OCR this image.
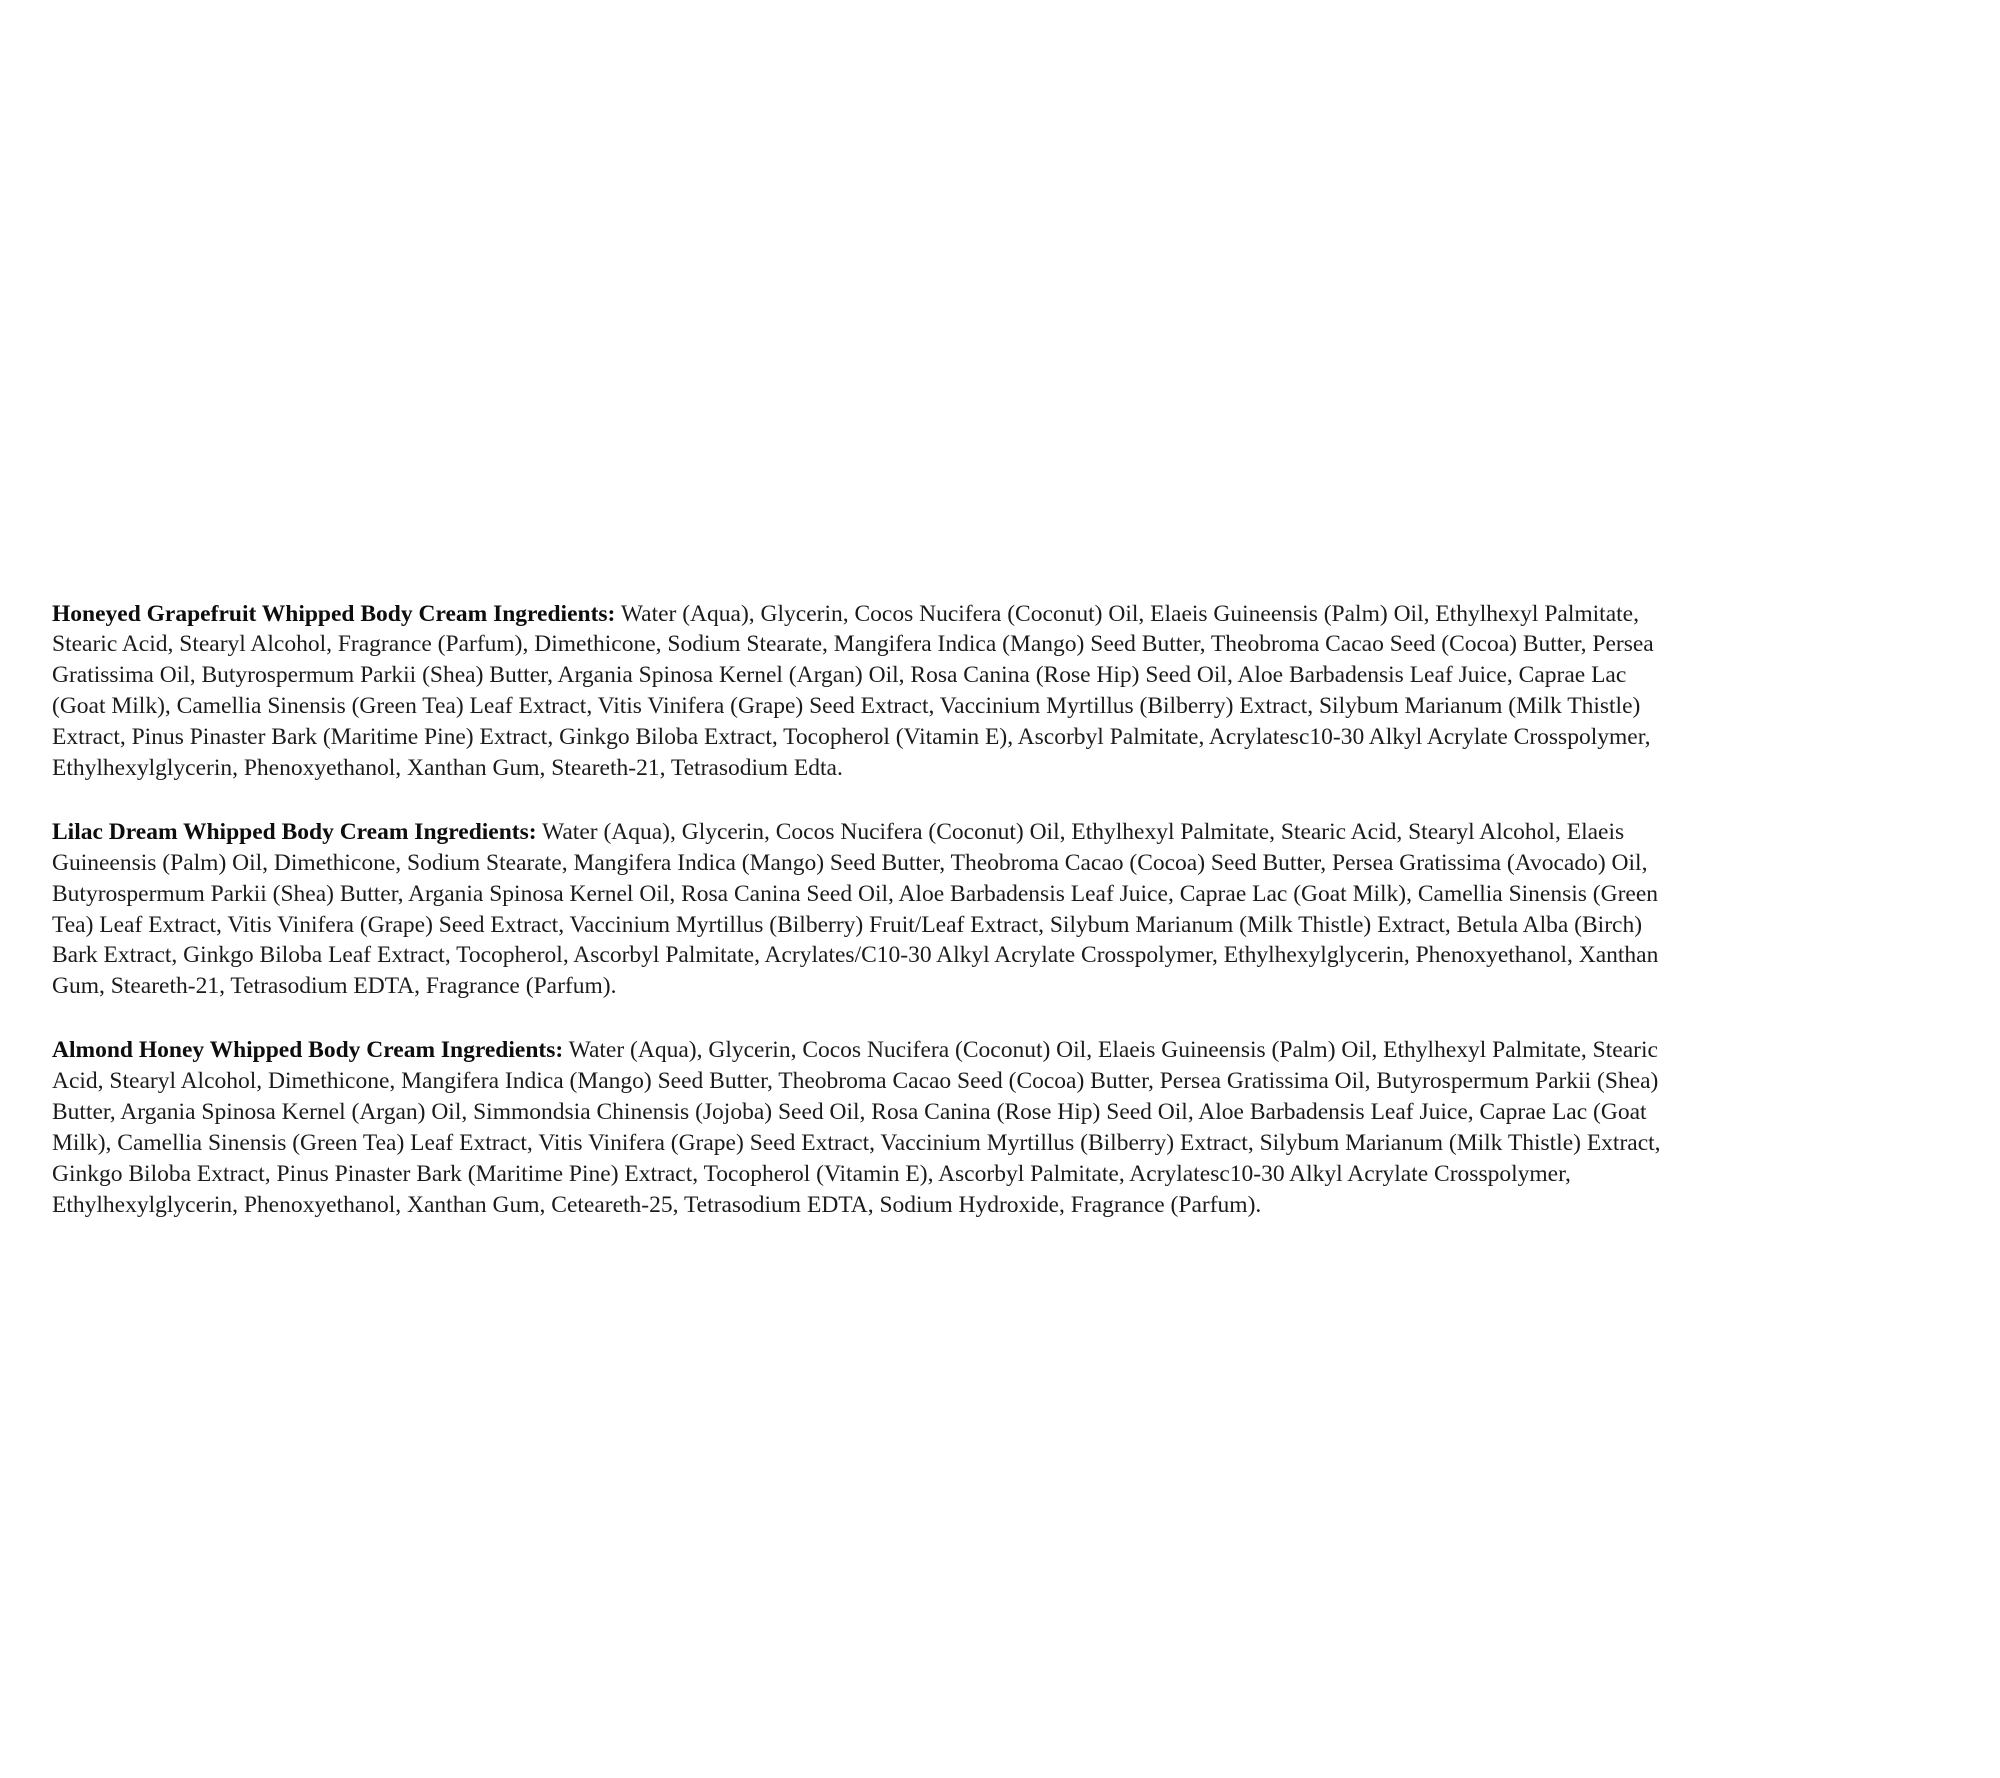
Honeyed Grapefruit Whipped Body Cream Ingredients: Water (Aqua), Glycerin, Cocos Nucifera (Coconut) Oil, Elaeis Guineensis (Palm) Oil, Ethylhexyl Palmitate, Stearic Acid, Stearyl Alcohol, Fragrance (Parfum), Dimethicone, Sodium Stearate, Mangifera Indica (Mango) Seed Butter, Theobroma Cacao Seed (Cocoa) Butter, Persea Gratissima Oil, Butyrospermum Parkii (Shea) Butter, Argania Spinosa Kernel (Argan) Oil, Rosa Canina (Rose Hip) Seed Oil, Aloe Barbadensis Leaf Juice, Caprae Lac (Goat Milk), Camellia Sinensis (Green Tea) Leaf Extract, Vitis Vinifera (Grape) Seed Extract, Vaccinium Myrtillus (Bilberry) Extract, Silybum Marianum (Milk Thistle) Extract, Pinus Pinaster Bark (Maritime Pine) Extract, Ginkgo Biloba Extract, Tocopherol (Vitamin E), Ascorbyl Palmitate, Acrylatesc10-30 Alkyl Acrylate Crosspolymer, Ethylhexylglycerin, Phenoxyethanol, Xanthan Gum, Steareth-21, Tetrasodium Edta.

Lilac Dream Whipped Body Cream Ingredients: Water (Aqua), Glycerin, Cocos Nucifera (Coconut) Oil, Ethylhexyl Palmitate, Stearic Acid, Stearyl Alcohol, Elaeis Guineensis (Palm) Oil, Dimethicone, Sodium Stearate, Mangifera Indica (Mango) Seed Butter, Theobroma Cacao (Cocoa) Seed Butter, Persea Gratissima (Avocado) Oil, Butyrospermum Parkii (Shea) Butter, Argania Spinosa Kernel Oil, Rosa Canina Seed Oil, Aloe Barbadensis Leaf Juice, Caprae Lac (Goat Milk), Camellia Sinensis (Green Tea) Leaf Extract, Vitis Vinifera (Grape) Seed Extract, Vaccinium Myrtillus (Bilberry) Fruit/Leaf Extract, Silybum Marianum (Milk Thistle) Extract, Betula Alba (Birch) Bark Extract, Ginkgo Biloba Leaf Extract, Tocopherol, Ascorbyl Palmitate, Acrylates/C10-30 Alkyl Acrylate Crosspolymer, Ethylhexylglycerin, Phenoxyethanol, Xanthan Gum, Steareth-21, Tetrasodium EDTA, Fragrance (Parfum).

Almond Honey Whipped Body Cream Ingredients: Water (Aqua), Glycerin, Cocos Nucifera (Coconut) Oil, Elaeis Guineensis (Palm) Oil, Ethylhexyl Palmitate, Stearic Acid, Stearyl Alcohol, Dimethicone, Mangifera Indica (Mango) Seed Butter, Theobroma Cacao Seed (Cocoa) Butter, Persea Gratissima Oil, Butyrospermum Parkii (Shea) Butter, Argania Spinosa Kernel (Argan) Oil, Simmondsia Chinensis (Jojoba) Seed Oil, Rosa Canina (Rose Hip) Seed Oil, Aloe Barbadensis Leaf Juice, Caprae Lac (Goat Milk), Camellia Sinensis (Green Tea) Leaf Extract, Vitis Vinifera (Grape) Seed Extract, Vaccinium Myrtillus (Bilberry) Extract, Silybum Marianum (Milk Thistle) Extract, Ginkgo Biloba Extract, Pinus Pinaster Bark (Maritime Pine) Extract, Tocopherol (Vitamin E), Ascorbyl Palmitate, Acrylatesc10-30 Alkyl Acrylate Crosspolymer, Ethylhexylglycerin, Phenoxyethanol, Xanthan Gum, Ceteareth-25, Tetrasodium EDTA, Sodium Hydroxide, Fragrance (Parfum).
